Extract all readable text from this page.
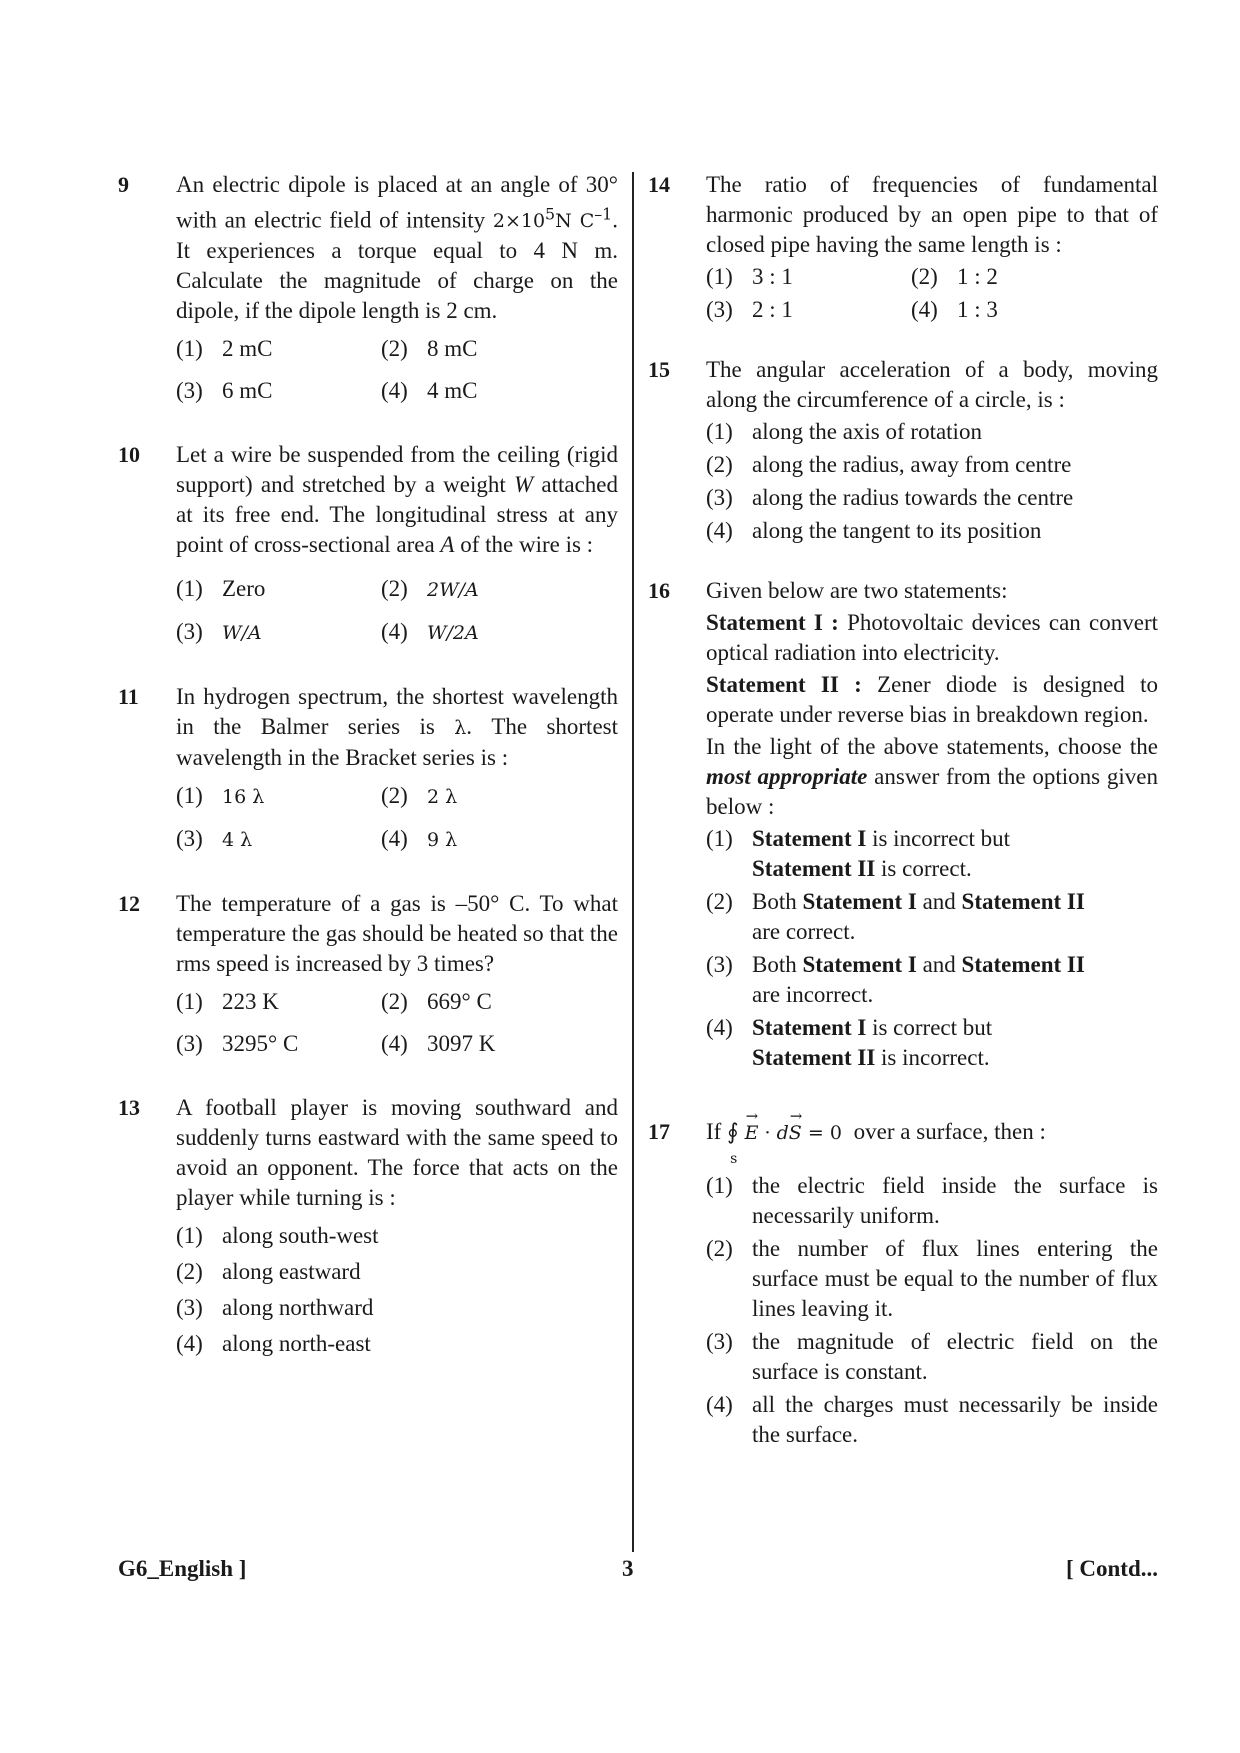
9 An electric dipole is placed at an angle of 30° with an electric field of intensity $2\times 10^5N$ $C^{-1}$. It experiences a torque equal to 4 N m. Calculate the magnitude of charge on the dipole, if the dipole length is 2 cm.
(1) 2 mC	(2) 8 mC
(3) 6 mC	(4) 4 mC
10 Let a wire be suspended from the ceiling (rigid support) and stretched by a weight W attached at its free end. The longitudinal stress at any point of cross-sectional area A of the wire is :
(1) Zero	(2)	2W/A
(3)	W/A	(4)	W/2A
11 In hydrogen spectrum, the shortest wavelength in the Balmer series is λ. The shortest wavelength in the Bracket series is :
(1)	16 λ	(2)	2 λ
(3)	4 λ	(4)	9 λ
12 The temperature of a gas is –50° C. To what temperature the gas should be heated so that the rms speed is increased by 3 times?
(1) 223 K	(2) 669° C
(3) 3295° C	(4) 3097 K
13 A football player is moving southward and suddenly turns eastward with the same speed to avoid an opponent. The force that acts on the player while turning is :
(1) along south-west
(2) along eastward
(3) along northward
(4) along north-east
14 The ratio of frequencies of fundamental harmonic produced by an open pipe to that of closed pipe having the same length is :
(1) 3 : 1	(2) 1 : 2
(3) 2 : 1	(4) 1 : 3
15 The angular acceleration of a body, moving along the circumference of a circle, is :
(1) along the axis of rotation
(2) along the radius, away from centre
(3) along the radius towards the centre
(4) along the tangent to its position
16 Given below are two statements:
Statement I : Photovoltaic devices can convert optical radiation into electricity.
Statement II : Zener diode is designed to operate under reverse bias in breakdown region.
In the light of the above statements, choose the most appropriate answer from the options given below :
(1) Statement I is incorrect but
Statement II is correct.
(2) Both Statement I and Statement II
are correct.
(3) Both Statement I and Statement II
are incorrect.
(4) Statement I is correct but
Statement II is incorrect.
17 If ∮
s
→ E · d→ S = 0 over a surface, then :
(1) the electric field inside the surface is necessarily uniform.
(2) the number of flux lines entering the surface must be equal to the number of flux lines leaving it.
(3) the magnitude of electric field on the surface is constant.
(4) all the charges must necessarily be inside the surface.
G6_English ]	3	[ Contd...
